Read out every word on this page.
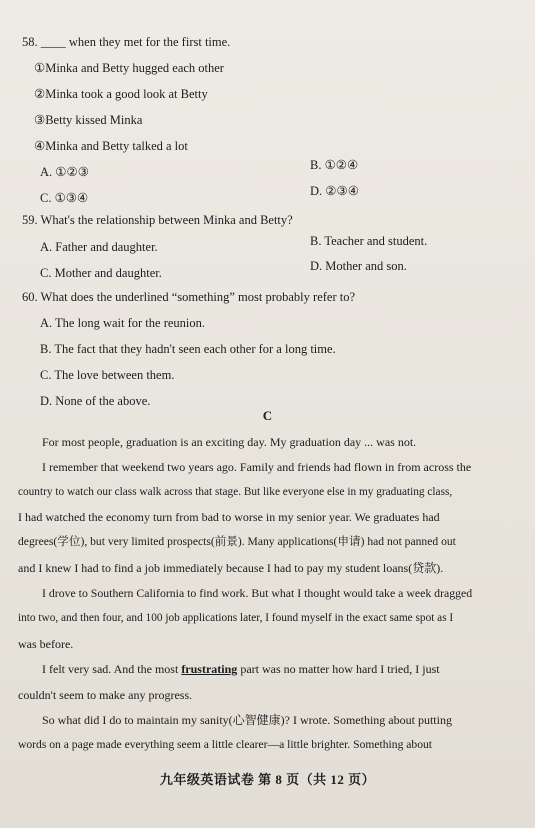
58. ____ when they met for the first time.
①Minka and Betty hugged each other
②Minka took a good look at Betty
③Betty kissed Minka
④Minka and Betty talked a lot
A. ①②③	B. ①②④
C. ①③④	D. ②③④
59. What's the relationship between Minka and Betty?
A. Father and daughter.	B. Teacher and student.
C. Mother and daughter.	D. Mother and son.
60. What does the underlined “something” most probably refer to?
A. The long wait for the reunion.
B. The fact that they hadn't seen each other for a long time.
C. The love between them.
D. None of the above.
C
For most people, graduation is an exciting day. My graduation day ... was not.
I remember that weekend two years ago. Family and friends had flown in from across the
country to watch our class walk across that stage. But like everyone else in my graduating class,
I had watched the economy turn from bad to worse in my senior year. We graduates had
degrees(学位), but very limited prospects(前景). Many applications(申请) had not panned out
and I knew I had to find a job immediately because I had to pay my student loans(贷款).
I drove to Southern California to find work. But what I thought would take a week dragged
into two, and then four, and 100 job applications later, I found myself in the exact same spot as I
was before.
I felt very sad. And the most frustrating part was no matter how hard I tried, I just
couldn't seem to make any progress.
So what did I do to maintain my sanity(心智健康)? I wrote. Something about putting
words on a page made everything seem a little clearer—a little brighter. Something about
九年级英语试卷 第 8 页（共 12 页）
